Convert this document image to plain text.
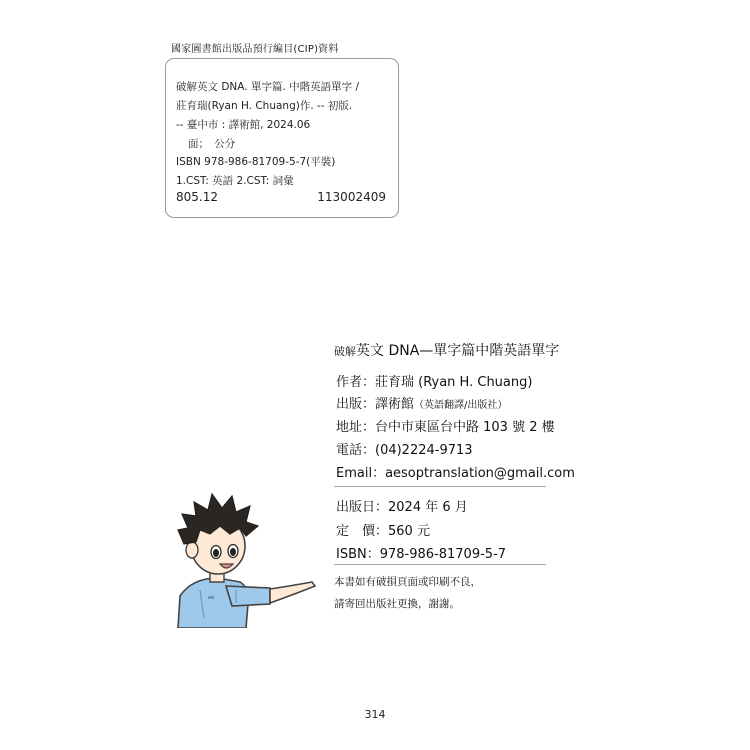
國家圖書館出版品預行編目(CIP)資料
破解英文 DNA. 單字篇. 中階英語單字 /
莊育瑞(Ryan H. Chuang)作. -- 初版.
-- 臺中市 : 譯術館, 2024.06
面；　公分
ISBN 978-986-81709-5-7(平裝)
1.CST: 英語 2.CST: 詞彙
805.12	113002409
破解英文 DNA—單字篇中階英語單字
作者：莊育瑞 (Ryan H. Chuang)
出版：譯術館（英語翻譯/出版社）
地址：台中市東區台中路 103 號 2 樓
電話：(04)2224-9713
Email：aesoptranslation@gmail.com
出版日：2024 年 6 月
定　價：560 元
ISBN：978-986-81709-5-7
本書如有破損頁面或印刷不良，
請寄回出版社更換，謝謝。
314
